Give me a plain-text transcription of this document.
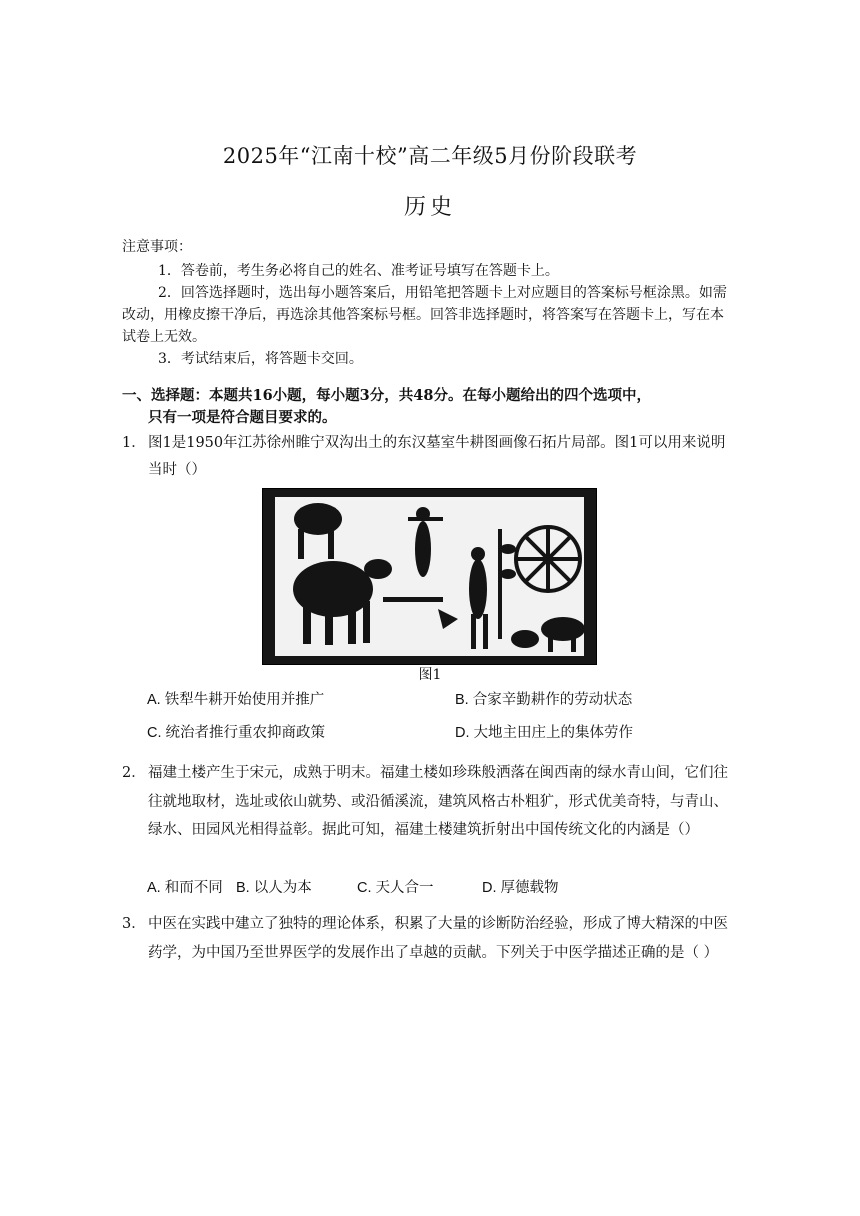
2025年“江南十校”高二年级5月份阶段联考
历史
注意事项：
1．答卷前，考生务必将自己的姓名、准考证号填写在答题卡上。
2．回答选择题时，选出每小题答案后，用铅笔把答题卡上对应题目的答案标号框涂黑。如需改动，用橡皮擦干净后，再选涂其他答案标号框。回答非选择题时，将答案写在答题卡上，写在本试卷上无效。
3．考试结束后，将答题卡交回。
一、选择题：本题共16小题，每小题3分，共48分。在每小题给出的四个选项中，
只有一项是符合题目要求的。
1． 图1是1950年江苏徐州睢宁双沟出土的东汉墓室牛耕图画像石拓片局部。图1可以用来说明当时（）
图1
A. 铁犁牛耕开始使用并推广	B. 合家辛勤耕作的劳动状态
C. 统治者推行重农抑商政策	D. 大地主田庄上的集体劳作
2． 福建土楼产生于宋元，成熟于明末。福建土楼如珍珠般洒落在闽西南的绿水青山间，它们往往就地取材，选址或依山就势、或沿循溪流，建筑风格古朴粗犷，形式优美奇特，与青山、绿水、田园风光相得益彰。据此可知，福建土楼建筑折射出中国传统文化的内涵是（）
A. 和而不同 B. 以人为本	C. 天人合一	D. 厚德载物
3． 中医在实践中建立了独特的理论体系，积累了大量的诊断防治经验，形成了博大精深的中医药学，为中国乃至世界医学的发展作出了卓越的贡献。下列关于中医学描述正确的是（ ）
